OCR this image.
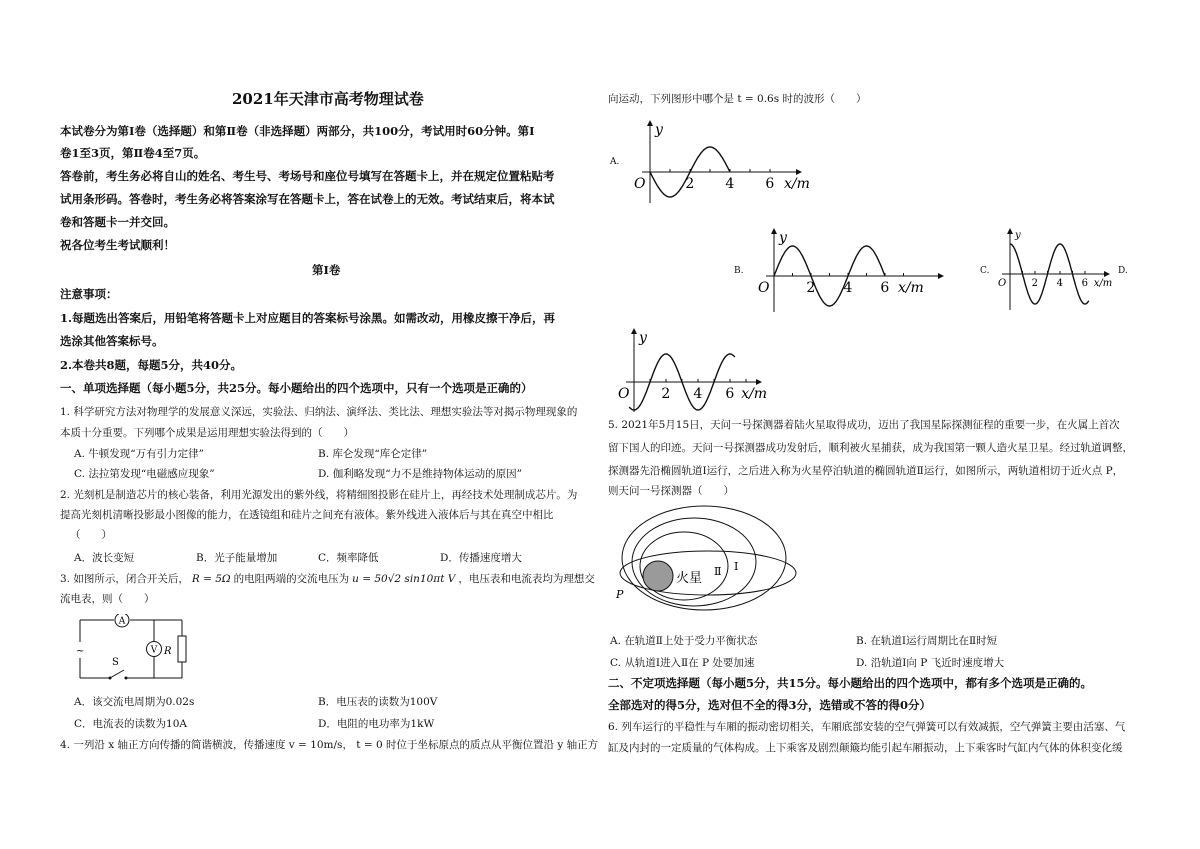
2021年天津市高考物理试卷
本试卷分为第Ⅰ卷（选择题）和第Ⅱ卷（非选择题）两部分，共100分，考试用时60分钟。第Ⅰ
卷1至3页，第Ⅱ卷4至7页。
答卷前，考生务必将自山的姓名、考生号、考场号和座位号填写在答题卡上，并在规定位置粘贴考
试用条形码。答卷时，考生务必将答案涂写在答题卡上，答在试卷上的无效。考试结束后，将本试
卷和答题卡一并交回。
祝各位考生考试顺利！
第Ⅰ卷
注意事项：
1.每题选出答案后，用铅笔将答题卡上对应题目的答案标号涂黑。如需改动，用橡皮擦干净后，再
选涂其他答案标号。
2.本卷共8题，每题5分，共40分。
一、单项选择题（每小题5分，共25分。每小题给出的四个选项中，只有一个选项是正确的）
1. 科学研究方法对物理学的发展意义深远，实验法、归纳法、演绎法、类比法、理想实验法等对揭示物理现象的
本质十分重要。下列哪个成果是运用理想实验法得到的（　　）
A. 牛顿发现“万有引力定律”	B. 库仑发现“库仑定律”
C. 法拉第发现“电磁感应现象”	D. 伽利略发现“力不是维持物体运动的原因”
2. 光刻机是制造芯片的核心装备，利用光源发出的紫外线，将精细图投影在硅片上，再经技术处理制成芯片。为
提高光刻机清晰投影最小图像的能力，在透镜组和硅片之间充有液体。紫外线进入液体后与其在真空中相比
（　　）
A．波长变短	B．光子能量增加	C．频率降低	D．传播速度增大
3. 如图所示，闭合开关后， R = 5Ω 的电阻两端的交流电压为 u = 50√2 sin10πt V ，电压表和电流表均为理想交
流电表，则（　　）
A
V R
S
~
A．该交流电周期为0.02s	B．电压表的读数为100V
C．电流表的读数为10A	D．电阻的电功率为1kW
4. 一列沿 x 轴正方向传播的简谐横波，传播速度 v = 10m/s， t = 0 时位于坐标原点的质点从平衡位置沿 y 轴正方
向运动，下列图形中哪个是 t = 0.6s 时的波形（　　）
A.
y
O	2 4 6 x/m
B.
y
O	2 4 6 x/m
C.
y
O	2 4 6 x/m
D.
y
O 2 4 6 x/m
5. 2021年5月15日，天问一号探测器着陆火星取得成功，迈出了我国星际探测征程的重要一步，在火属上首次
留下国人的印迹。天问一号探测器成功发射后，顺利被火星捕获，成为我国第一颗人造火星卫星。经过轨道调整，
探测器先沿椭圆轨道Ⅰ运行，之后进入称为火星停泊轨道的椭圆轨道Ⅱ运行，如图所示，两轨道相切于近火点 P，
则天问一号探测器（　　）
火星 Ⅱ Ⅰ
P
A. 在轨道Ⅱ上处于受力平衡状态	B. 在轨道Ⅰ运行周期比在Ⅱ时短
C. 从轨道Ⅰ进入Ⅱ在 P 处要加速	D. 沿轨道Ⅰ向 P 飞近时速度增大
二、不定项选择题（每小题5分，共15分。每小题给出的四个选项中，都有多个选项是正确的。
全部选对的得5分，选对但不全的得3分，选错或不答的得0分）
6. 列车运行的平稳性与车厢的振动密切相关，车厢底部安装的空气弹簧可以有效减振，空气弹簧主要由活塞、气
缸及内封的一定质量的气体构成。上下乘客及剧烈颠簸均能引起车厢振动，上下乘客时气缸内气体的体积变化缓
